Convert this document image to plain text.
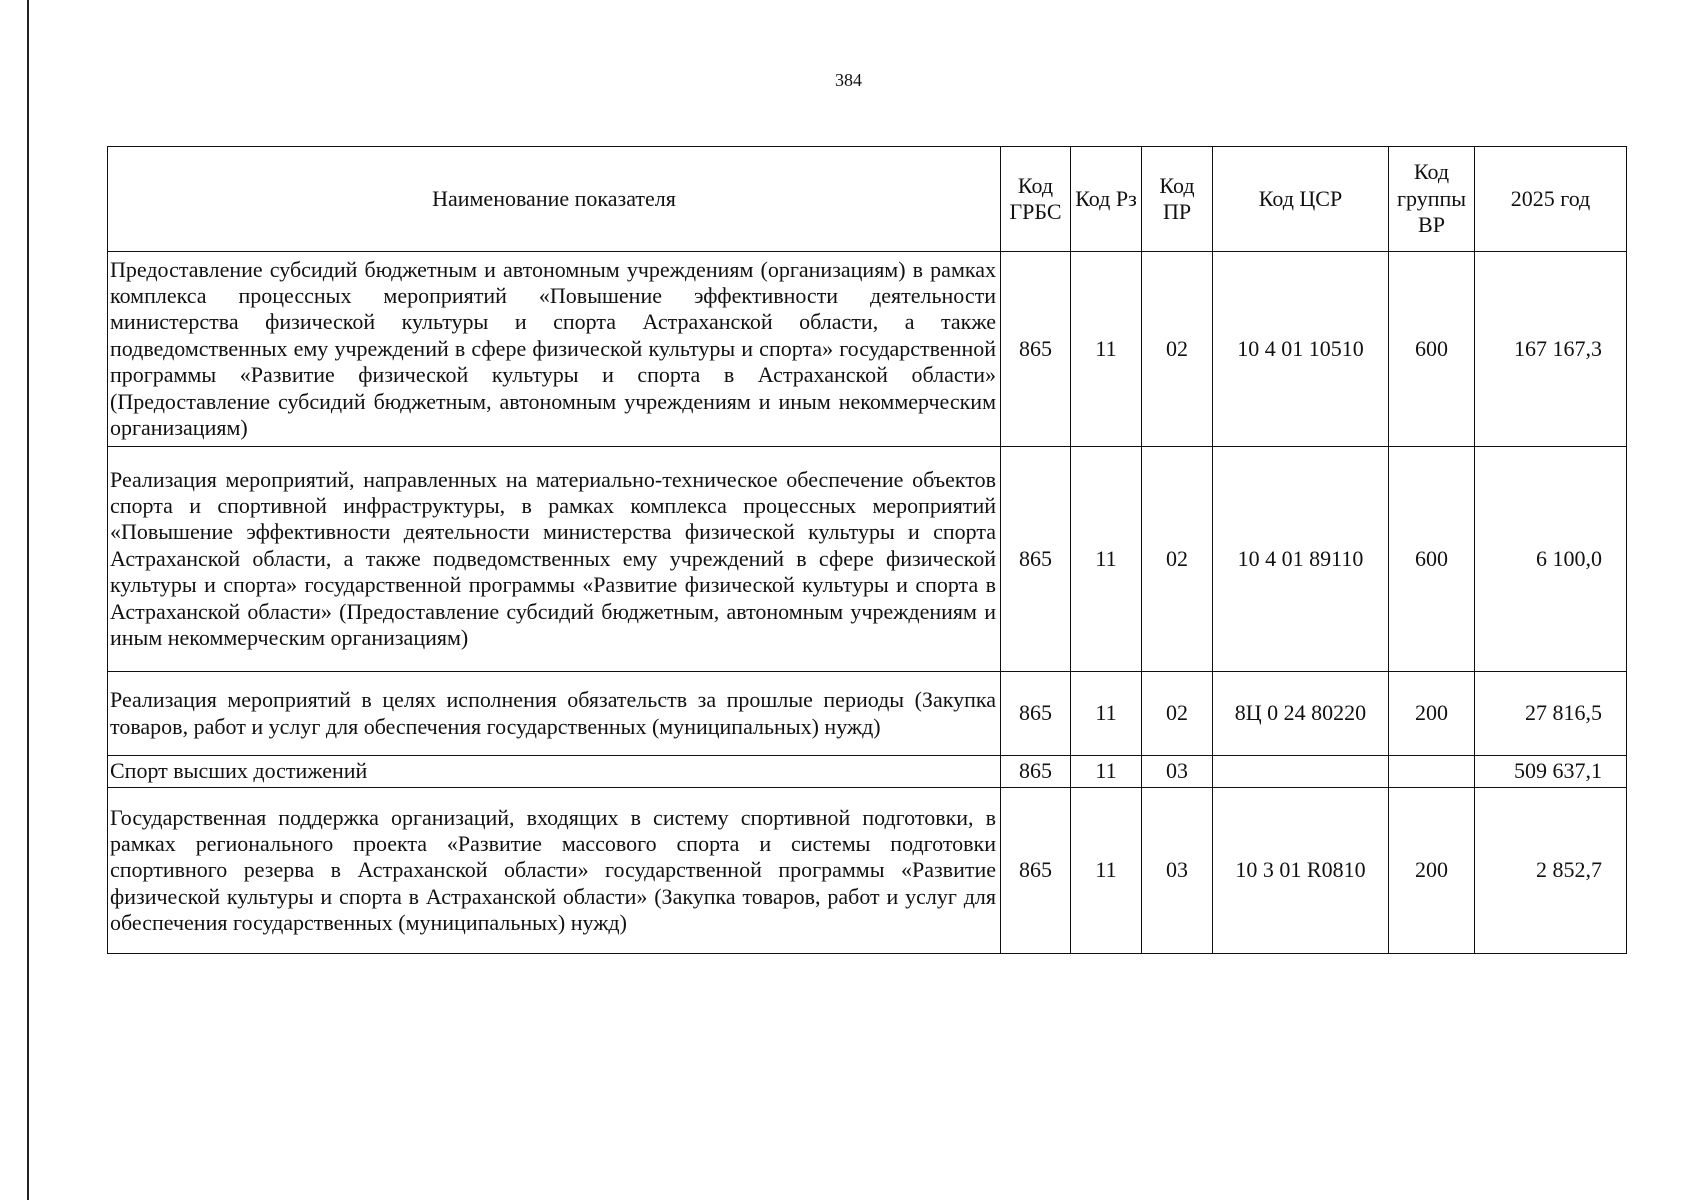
384
Наименование показателя	Код ГРБС	Код Рз	Код ПР	Код ЦСР	Код группы ВР	2025 год
Предоставление субсидий бюджетным и автономным учреждениям (организациям) в рамках комплекса процессных мероприятий «Повышение эффективности деятельности министерства физической культуры и спорта Астраханской области, а также подведомственных ему учреждений в сфере физической культуры и спорта» государственной программы «Развитие физической культуры и спорта в Астраханской области» (Предоставление субсидий бюджетным, автономным учреждениям и иным некоммерческим организациям)	865	11	02	10 4 01 10510	600	167 167,3
Реализация мероприятий, направленных на материально-техническое обеспечение объектов спорта и спортивной инфраструктуры, в рамках комплекса процессных мероприятий «Повышение эффективности деятельности министерства физической культуры и спорта Астраханской области, а также подведомственных ему учреждений в сфере физической культуры и спорта» государственной программы «Развитие физической культуры и спорта в Астраханской области» (Предоставление субсидий бюджетным, автономным учреждениям и иным некоммерческим организациям)	865	11	02	10 4 01 89110	600	6 100,0
Реализация мероприятий в целях исполнения обязательств за прошлые периоды (Закупка товаров, работ и услуг для обеспечения государственных (муниципальных) нужд)	865	11	02	8Ц 0 24 80220	200	27 816,5
Спорт высших достижений	865	11	03			509 637,1
Государственная поддержка организаций, входящих в систему спортивной подготовки, в рамках регионального проекта «Развитие массового спорта и системы подготовки спортивного резерва в Астраханской области» государственной программы «Развитие физической культуры и спорта в Астраханской области» (Закупка товаров, работ и услуг для обеспечения государственных (муниципальных) нужд)	865	11	03	10 3 01 R0810	200	2 852,7
